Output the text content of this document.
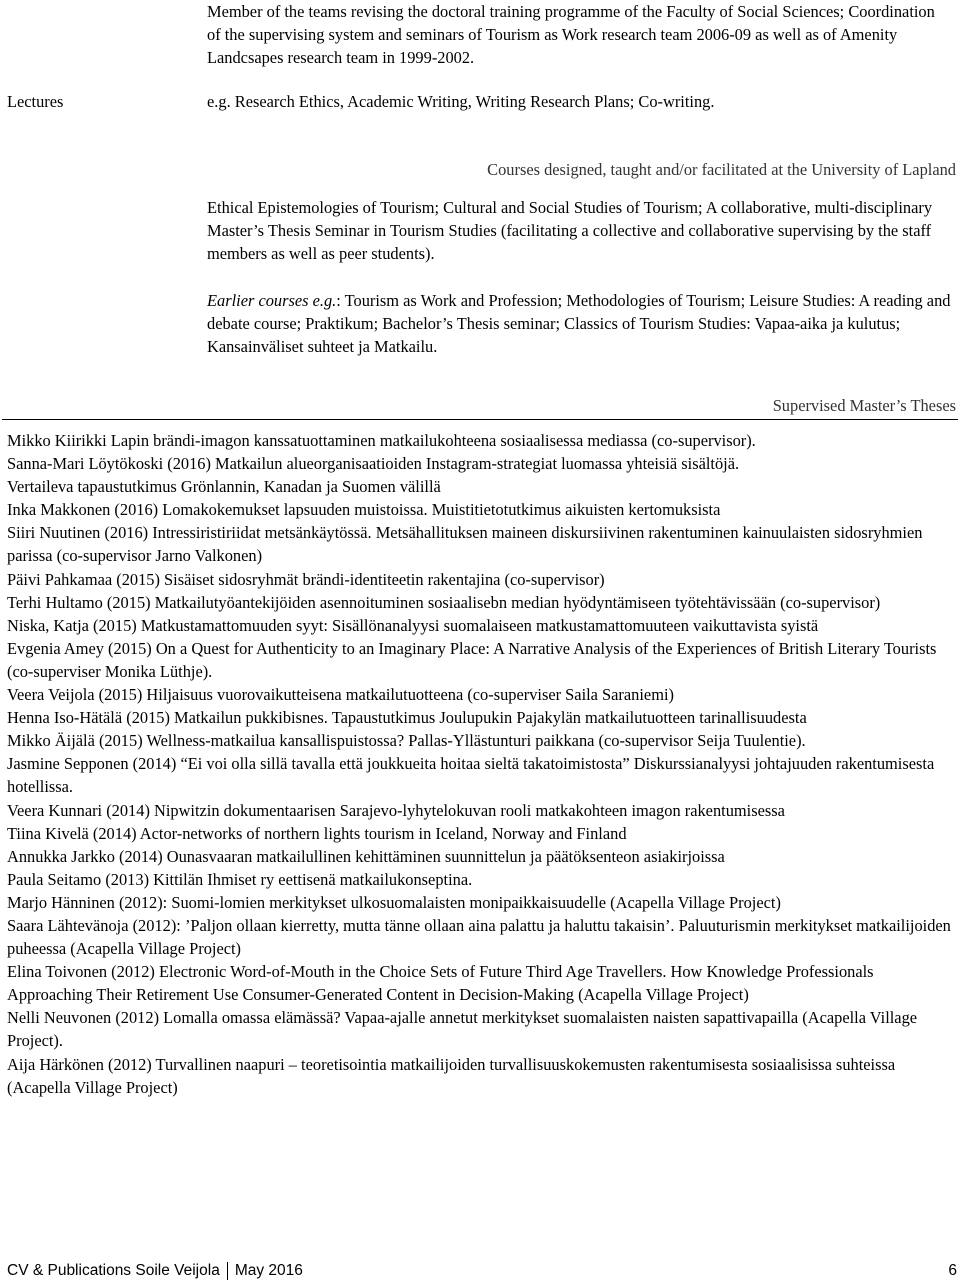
Member of the teams revising the doctoral training programme of the Faculty of Social Sciences; Coordination of the supervising system and seminars of Tourism as Work research team 2006-09 as well as of Amenity Landcsapes research team in 1999-2002.

Lectures	e.g. Research Ethics, Academic Writing, Writing Research Plans; Co-writing.

Courses designed, taught and/or facilitated at the University of Lapland

Ethical Epistemologies of Tourism; Cultural and Social Studies of Tourism; A collaborative, multi-disciplinary Master’s Thesis Seminar in Tourism Studies (facilitating a collective and collaborative supervising by the staff members as well as peer students).

Earlier courses e.g.: Tourism as Work and Profession; Methodologies of Tourism; Leisure Studies: A reading and debate course; Praktikum; Bachelor’s Thesis seminar; Classics of Tourism Studies: Vapaa-aika ja kulutus; Kansainväliset suhteet ja Matkailu.

Supervised Master’s Theses

Mikko Kiirikki Lapin brändi-imagon kanssatuottaminen matkailukohteena sosiaalisessa mediassa (co-supervisor).

Sanna-Mari Löytökoski (2016) Matkailun alueorganisaatioiden Instagram-strategiat luomassa yhteisiä sisältöjä.

Vertaileva tapaustutkimus Grönlannin, Kanadan ja Suomen välillä

Inka Makkonen (2016) Lomakokemukset lapsuuden muistoissa. Muistitietotutkimus aikuisten kertomuksista

Siiri Nuutinen (2016) Intressiristiriidat metsänkäytössä. Metsähallituksen maineen diskursiivinen rakentuminen kainuulaisten sidosryhmien parissa (co-supervisor Jarno Valkonen)

Päivi Pahkamaa (2015) Sisäiset sidosryhmät brändi-identiteetin rakentajina (co-supervisor)

Terhi Hultamo (2015) Matkailutyöantekijöiden asennoituminen sosiaalisebn median hyödyntämiseen työtehtävissään (co-supervisor)

Niska, Katja (2015) Matkustamattomuuden syyt: Sisällönanalyysi suomalaiseen matkustamattomuuteen vaikuttavista syistä

Evgenia Amey (2015) On a Quest for Authenticity to an Imaginary Place: A Narrative Analysis of the Experiences of British Literary Tourists (co-superviser Monika Lüthje).

Veera Veijola (2015) Hiljaisuus vuorovaikutteisena matkailutuotteena (co-superviser Saila Saraniemi)

Henna Iso-Hätälä (2015) Matkailun pukkibisnes. Tapaustutkimus Joulupukin Pajakylän matkailutuotteen tarinallisuudesta

Mikko Äijälä (2015) Wellness-matkailua kansallispuistossa? Pallas-Yllästunturi paikkana (co-supervisor Seija Tuulentie).

Jasmine Sepponen (2014) “Ei voi olla sillä tavalla että joukkueita hoitaa sieltä takatoimistosta” Diskurssianalyysi johtajuuden rakentumisesta hotellissa.

Veera Kunnari (2014) Nipwitzin dokumentaarisen Sarajevo-lyhytelokuvan rooli matkakohteen imagon rakentumisessa

Tiina Kivelä (2014) Actor-networks of northern lights tourism in Iceland, Norway and Finland

Annukka Jarkko (2014) Ounasvaaran matkailullinen kehittäminen suunnittelun ja päätöksenteon asiakirjoissa

Paula Seitamo (2013) Kittilän Ihmiset ry eettisenä matkailukonseptina.

Marjo Hänninen (2012): Suomi-lomien merkitykset ulkosuomalaisten monipaikkaisuudelle (Acapella Village Project)

Saara Lähtevänoja (2012): ’Paljon ollaan kierretty, mutta tänne ollaan aina palattu ja haluttu takaisin’. Paluuturismin merkitykset matkailijoiden puheessa (Acapella Village Project)

Elina Toivonen (2012) Electronic Word-of-Mouth in the Choice Sets of Future Third Age Travellers. How Knowledge Professionals Approaching Their Retirement Use Consumer-Generated Content in Decision-Making (Acapella Village Project)

Nelli Neuvonen (2012) Lomalla omassa elämässä? Vapaa-ajalle annetut merkitykset suomalaisten naisten sapattivapailla (Acapella Village Project).

Aija Härkönen (2012) Turvallinen naapuri – teoretisointia matkailijoiden turvallisuuskokemusten rakentumisesta sosiaalisissa suhteissa (Acapella Village Project)

CV & Publications Soile Veijola May 2016	6
